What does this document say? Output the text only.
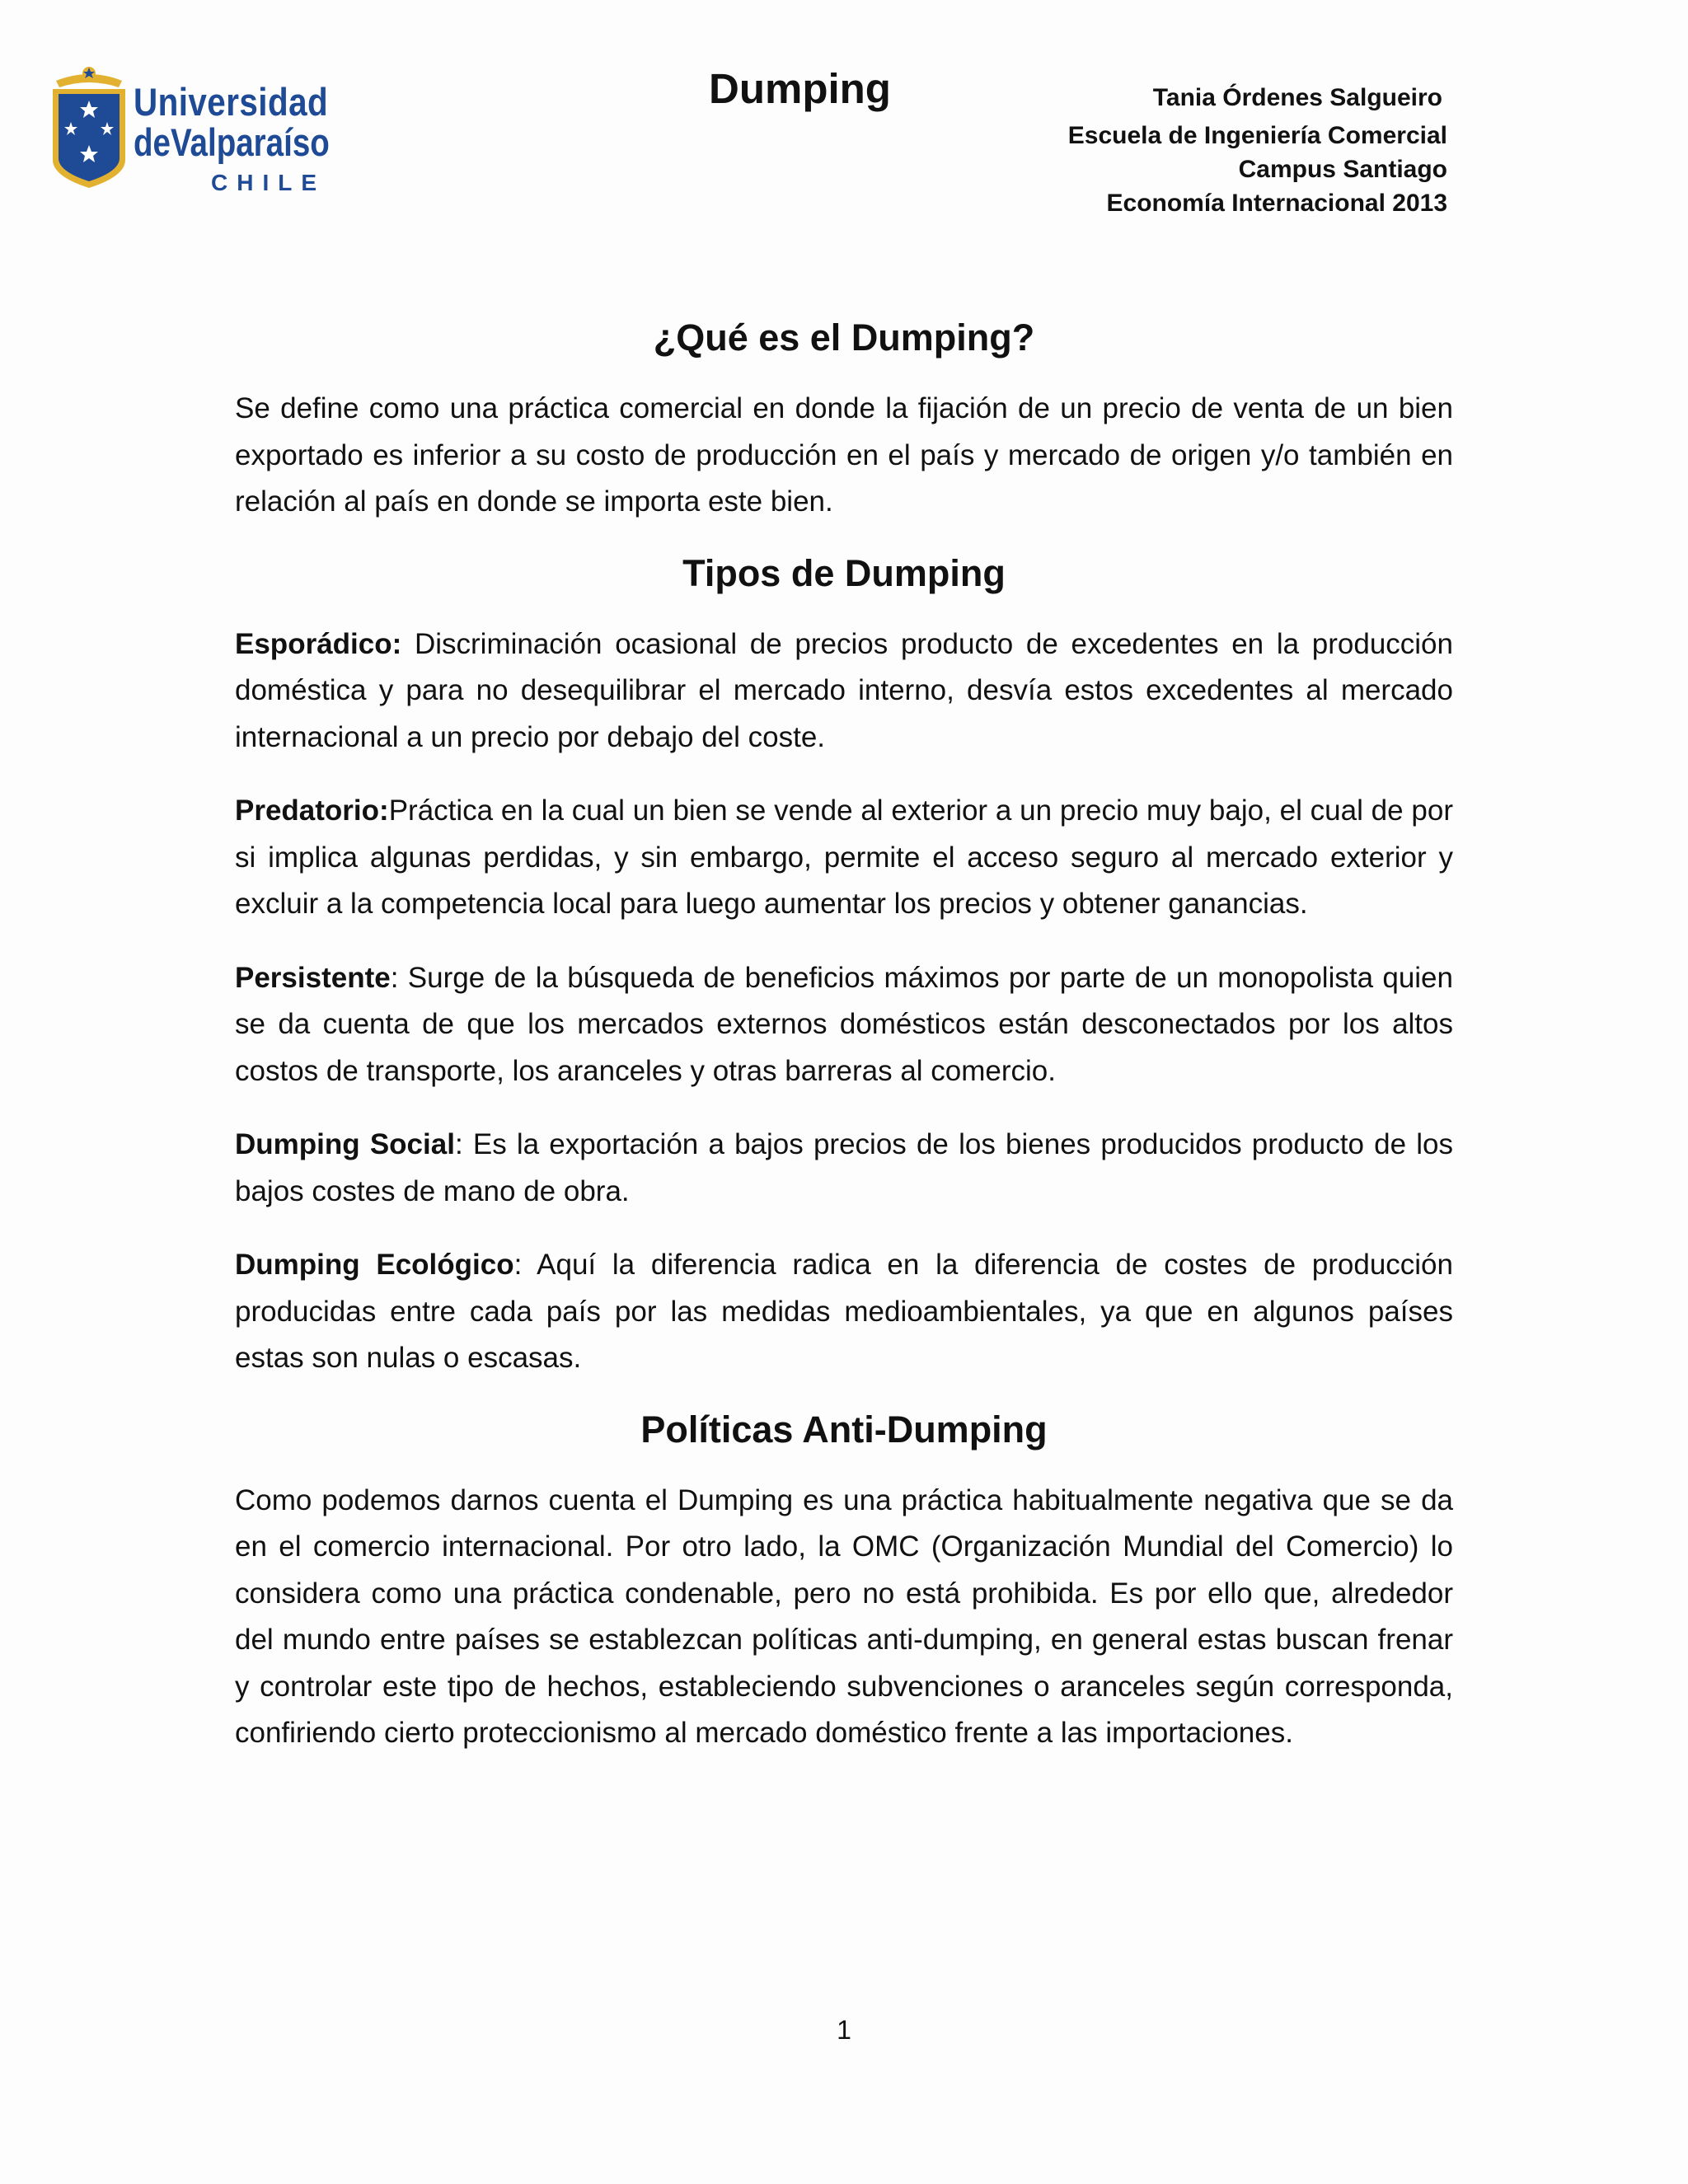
Universidad
deValparaíso
CHILE
Dumping	Tania Órdenes Salgueiro
Escuela de Ingeniería Comercial
Campus Santiago
Economía Internacional 2013
¿Qué es el Dumping?

Se define como una práctica comercial en donde la fijación de un precio de venta de un bien exportado es inferior a su costo de producción en el país y mercado de origen y/o también en relación al país en donde se importa este bien.

Tipos de Dumping

Esporádico: Discriminación ocasional de precios producto de excedentes en la producción doméstica y para no desequilibrar el mercado interno, desvía estos excedentes al mercado internacional a un precio por debajo del coste.

Predatorio:Práctica en la cual un bien se vende al exterior a un precio muy bajo, el cual de por si implica algunas perdidas, y sin embargo, permite el acceso seguro al mercado exterior y excluir a la competencia local para luego aumentar los precios y obtener ganancias.

Persistente: Surge de la búsqueda de beneficios máximos por parte de un monopolista quien se da cuenta de que los mercados externos domésticos están desconectados por los altos costos de transporte, los aranceles y otras barreras al comercio.

Dumping Social: Es la exportación a bajos precios de los bienes producidos producto de los bajos costes de mano de obra.

Dumping Ecológico: Aquí la diferencia radica en la diferencia de costes de producción producidas entre cada país por las medidas medioambientales, ya que en algunos países estas son nulas o escasas.

Políticas Anti-Dumping

Como podemos darnos cuenta el Dumping es una práctica habitualmente negativa que se da en el comercio internacional. Por otro lado, la OMC (Organización Mundial del Comercio) lo considera como una práctica condenable, pero no está prohibida. Es por ello que, alrededor del mundo entre países se establezcan políticas anti-dumping, en general estas buscan frenar y controlar este tipo de hechos, estableciendo subvenciones o aranceles según corresponda, confiriendo cierto proteccionismo al mercado doméstico frente a las importaciones.

1
